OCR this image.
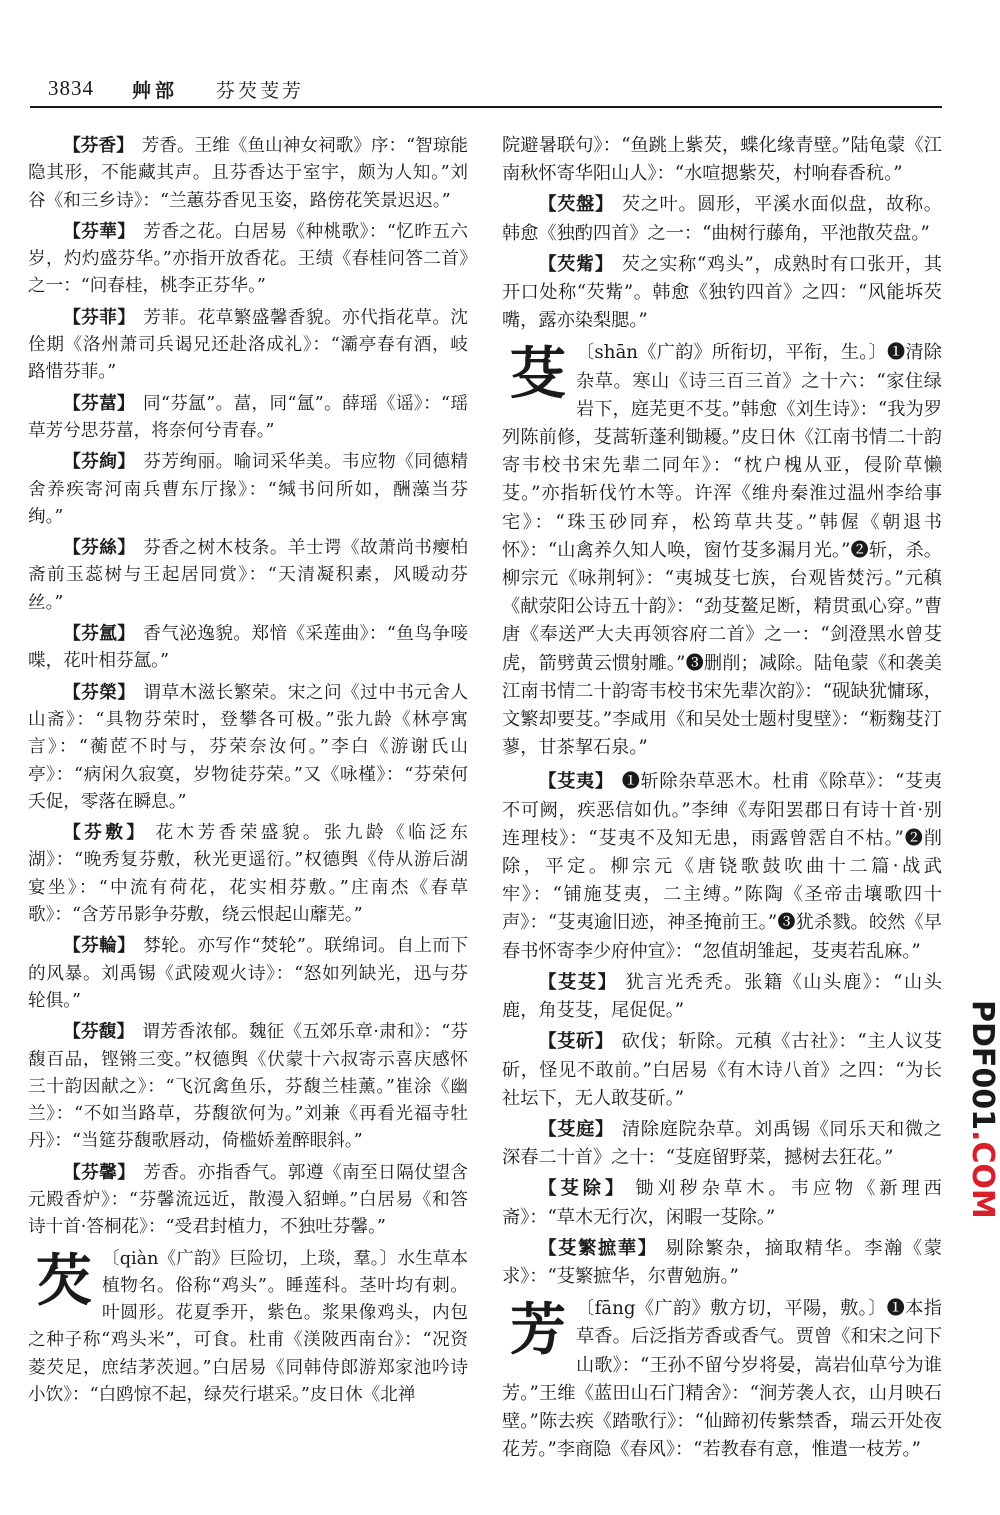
3834 艸部 芬芡芰芳

【芬香】 芳香。王维《鱼山神女祠歌》序：“智琼能隐其形，不能藏其声。且芬香达于室宇，颇为人知。”刘谷《和三乡诗》：“兰蕙芬香见玉姿，路傍花笑景迟迟。”

【芬華】 芳香之花。白居易《种桃歌》：“忆昨五六岁，灼灼盛芬华。”亦指开放香花。王绩《春桂问答二首》之一：“问春桂，桃李正芬华。”

【芬菲】 芳菲。花草繁盛馨香貌。亦代指花草。沈佺期《洛州萧司兵谒兄还赴洛成礼》：“灞亭春有酒，岐路惜芬菲。”

【芬葍】 同“芬氲”。葍，同“氲”。薛瑶《谣》：“瑶草芳兮思芬葍，将奈何兮青春。”

【芬絢】 芬芳绚丽。喻词采华美。韦应物《同德精舍养疾寄河南兵曹东厅掾》：“缄书问所如，酬藻当芬绚。”

【芬絲】 芬香之树木枝条。羊士谔《故萧尚书瘿柏斋前玉蕊树与王起居同赏》：“天清凝积素，风暖动芬丝。”

【芬氲】 香气泌逸貌。郑愔《采莲曲》：“鱼鸟争唼喋，花叶相芬氲。”

【芬榮】 谓草木滋长繁荣。宋之问《过中书元舍人山斋》：“具物芬荣时，登攀各可极。”张九龄《林亭寓言》：“蘅茝不时与，芬荣奈汝何。”李白《游谢氏山亭》：“病闲久寂寞，岁物徒芬荣。”又《咏槿》：“芬荣何夭促，零落在瞬息。”

【芬敷】 花木芳香荣盛貌。张九龄《临泛东湖》：“晚秀复芬敷，秋光更遥衍。”权德舆《侍从游后湖宴坐》：“中流有荷花，花实相芬敷。”庄南杰《春草歌》：“含芳吊影争芬敷，绕云恨起山蘼芜。”

【芬輪】 棼轮。亦写作“焚轮”。联绵词。自上而下的风暴。刘禹锡《武陵观火诗》：“怒如列缺光，迅与芬轮俱。”

【芬馥】 谓芳香浓郁。魏征《五郊乐章·肃和》：“芬馥百品，铿锵三变。”权德舆《伏蒙十六叔寄示喜庆感怀三十韵因献之》：“飞沉禽鱼乐，芬馥兰桂薰。”崔涂《幽兰》：“不如当路草，芬馥欲何为。”刘兼《再看光福寺牡丹》：“当筵芬馥歌唇动，倚槛娇羞醉眼斜。”

【芬馨】 芳香。亦指香气。郭遵《南至日隔仗望含元殿香炉》：“芬馨流远近，散漫入貂蝉。”白居易《和答诗十首·答桐花》：“受君封植力，不独吐芬馨。”

芡 〔qiàn《广韵》巨险切，上琰，羣。〕水生草本植物名。俗称“鸡头”。睡莲科。茎叶均有刺。叶圆形。花夏季开，紫色。浆果像鸡头，内包之种子称“鸡头米”，可食。杜甫《渼陂西南台》：“况资菱芡足，庶结茅茨迥。”白居易《同韩侍郎游郑家池吟诗小饮》：“白鸥惊不起，绿芡行堪采。”皮日休《北禅

院避暑联句》：“鱼跳上紫芡，蝶化缘青壁。”陆龟蒙《江南秋怀寄华阳山人》：“水喧揌紫芡，村响春香秔。”

【芡盤】 芡之叶。圆形，平溪水面似盘，故称。韩愈《独酌四首》之一：“曲树行藤角，平池散芡盘。”

【芡觜】 芡之实称“鸡头”，成熟时有口张开，其开口处称“芡觜”。韩愈《独钓四首》之四：“风能坼芡嘴，露亦染梨腮。”

芟 〔shān《广韵》所衔切，平衔，生。〕❶清除杂草。寒山《诗三百三首》之十六：“家住绿岩下，庭芜更不芟。”韩愈《刘生诗》：“我为罗列陈前修，芟蒿斩蓬利锄耰。”皮日休《江南书情二十韵寄韦校书宋先辈二同年》：“枕户槐从亚，侵阶草懒芟。”亦指斩伐竹木等。许浑《维舟秦淮过温州李给事宅》：“珠玉砂同弃，松筠草共芟。”韩偓《朝退书怀》：“山禽养久知人唤，窗竹芟多漏月光。”❷斩，杀。柳宗元《咏荆轲》：“夷城芟七族，台观皆焚污。”元稹《献荥阳公诗五十韵》：“劲芟鳌足断，精贯虱心穿。”曹唐《奉送严大夫再领容府二首》之一：“剑澄黑水曾芟虎，箭劈黄云惯射雕。”❸删削；减除。陆龟蒙《和袭美江南书情二十韵寄韦校书宋先辈次韵》：“砚缺犹慵琢，文繁却要芟。”李咸用《和吴处士题村叟壁》：“粝麴芟汀蓼，甘茶挈石泉。”

【芟夷】 ❶斩除杂草恶木。杜甫《除草》：“芟夷不可阙，疾恶信如仇。”李绅《寿阳罢郡日有诗十首·别连理枝》：“芟夷不及知无患，雨露曾霑自不枯。”❷削除，平定。柳宗元《唐铙歌鼓吹曲十二篇·战武牢》：“铺施芟夷，二主缚。”陈陶《圣帝击壤歌四十声》：“芟夷逾旧迹，神圣掩前王。”❸犹杀戮。皎然《早春书怀寄李少府仲宣》：“忽值胡雏起，芟夷若乱麻。”

【芟芟】 犹言光秃秃。张籍《山头鹿》：“山头鹿，角芟芟，尾促促。”

【芟斫】 砍伐；斩除。元稹《古社》：“主人议芟斫，怪见不敢前。”白居易《有木诗八首》之四：“为长社坛下，无人敢芟斫。”

【芟庭】 清除庭院杂草。刘禹锡《同乐天和微之深春二十首》之十：“芟庭留野菜，撼树去狂花。”

【芟除】 锄刈秽杂草木。韦应物《新理西斋》：“草木无行次，闲暇一芟除。”

【芟繁摭華】 剔除繁杂，摘取精华。李瀚《蒙求》：“芟繁摭华，尔曹勉旃。”

芳 〔fāng《广韵》敷方切，平陽，敷。〕❶本指草香。后泛指芳香或香气。贾曾《和宋之问下山歌》：“王孙不留兮岁将晏，嵩岩仙草兮为谁芳。”王维《蓝田山石门精舍》：“涧芳袭人衣，山月映石壁。”陈去疾《踏歌行》：“仙蹄初传紫禁香，瑞云开处夜花芳。”李商隐《春风》：“若教春有意，惟遣一枝芳。”
PDF001.COM
